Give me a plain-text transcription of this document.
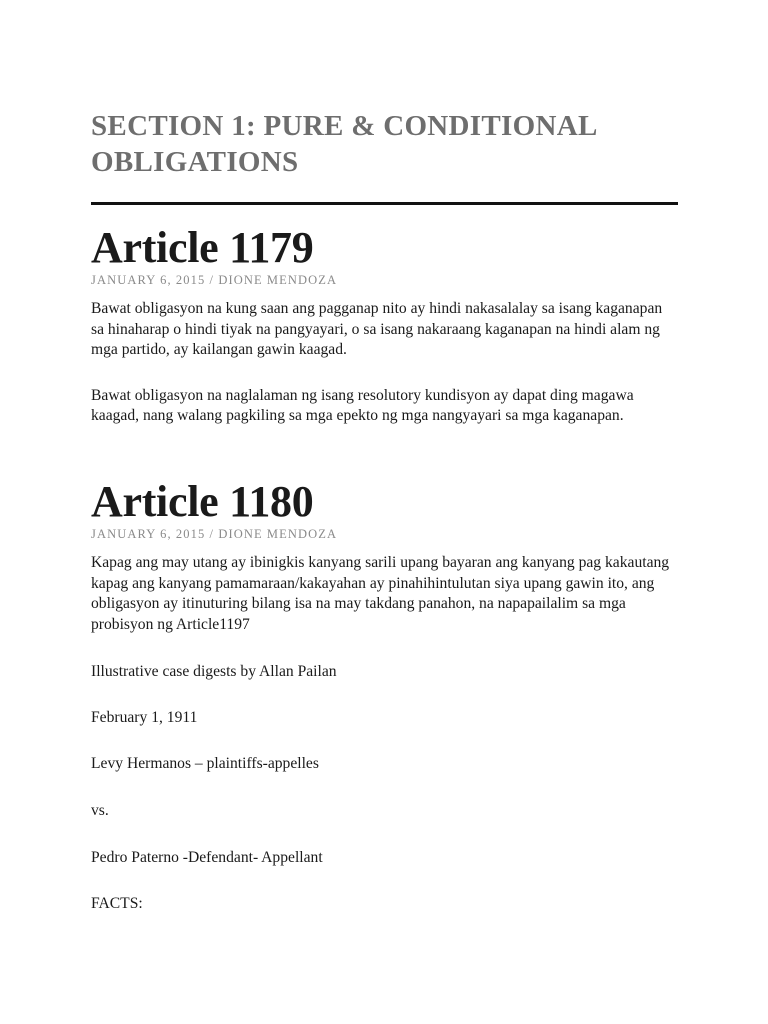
SECTION 1: PURE & CONDITIONAL OBLIGATIONS
Article 1179

JANUARY 6, 2015 / DIONE MENDOZA

Bawat obligasyon na kung saan ang pagganap nito ay hindi nakasalalay sa isang kaganapan sa hinaharap o hindi tiyak na pangyayari, o sa isang nakaraang kaganapan na hindi alam ng mga partido, ay kailangan gawin kaagad.

Bawat obligasyon na naglalaman ng isang resolutory kundisyon ay dapat ding magawa kaagad, nang walang pagkiling sa mga epekto ng mga nangyayari sa mga kaganapan.

Article 1180

JANUARY 6, 2015 / DIONE MENDOZA

Kapag ang may utang ay ibinigkis kanyang sarili upang bayaran ang kanyang pag kakautang kapag ang kanyang pamamaraan/kakayahan ay pinahihintulutan siya upang gawin ito, ang obligasyon ay itinuturing bilang isa na may takdang panahon, na napapailalim sa mga probisyon ng Article1197

Illustrative case digests by Allan Pailan

February 1, 1911

Levy Hermanos – plaintiffs-appelles

vs.

Pedro Paterno -Defendant- Appellant

FACTS:
